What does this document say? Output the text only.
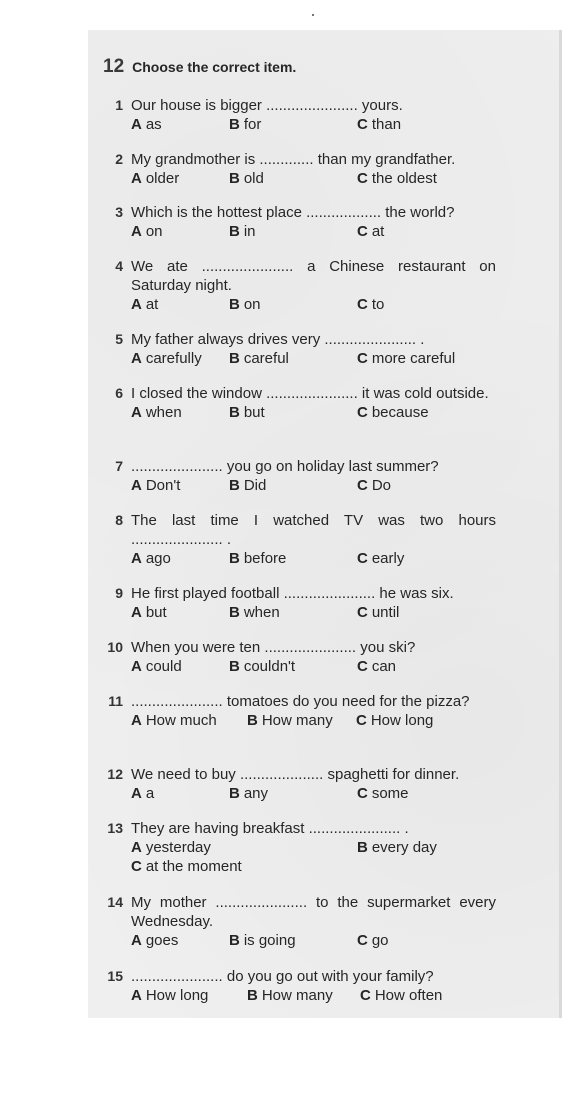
12 Choose the correct item.
1 Our house is bigger ...................... yours.
A as	B for	C than
2 My grandmother is ............. than my grandfather.
A older	B old	C the oldest
3 Which is the hottest place .................. the world?
A on	B in	C at
4 We ate ...................... a Chinese restaurant on Saturday night.
A at	B on	C to
5 My father always drives very ...................... .
A carefully B careful	C more careful
6 I closed the window ...................... it was cold outside.
A when	B but	C because
7 ...................... you go on holiday last summer?
A Don't	B Did	C Do
8 The last time I watched TV was two hours ...................... .
A ago	B before	C early
9 He first played football ...................... he was six.
A but	B when	C until
10 When you were ten ...................... you ski?
A could	B couldn't	C can
11 ...................... tomatoes do you need for the pizza?
A How much B How many C How long
12 We need to buy .................... spaghetti for dinner.
A a	B any	C some
13 They are having breakfast ...................... .
A yesterday	B every day
C at the moment
14 My mother ...................... to the supermarket every Wednesday.
A goes	B is going	C go
15 ...................... do you go out with your family?
A How long	B How many C How often
